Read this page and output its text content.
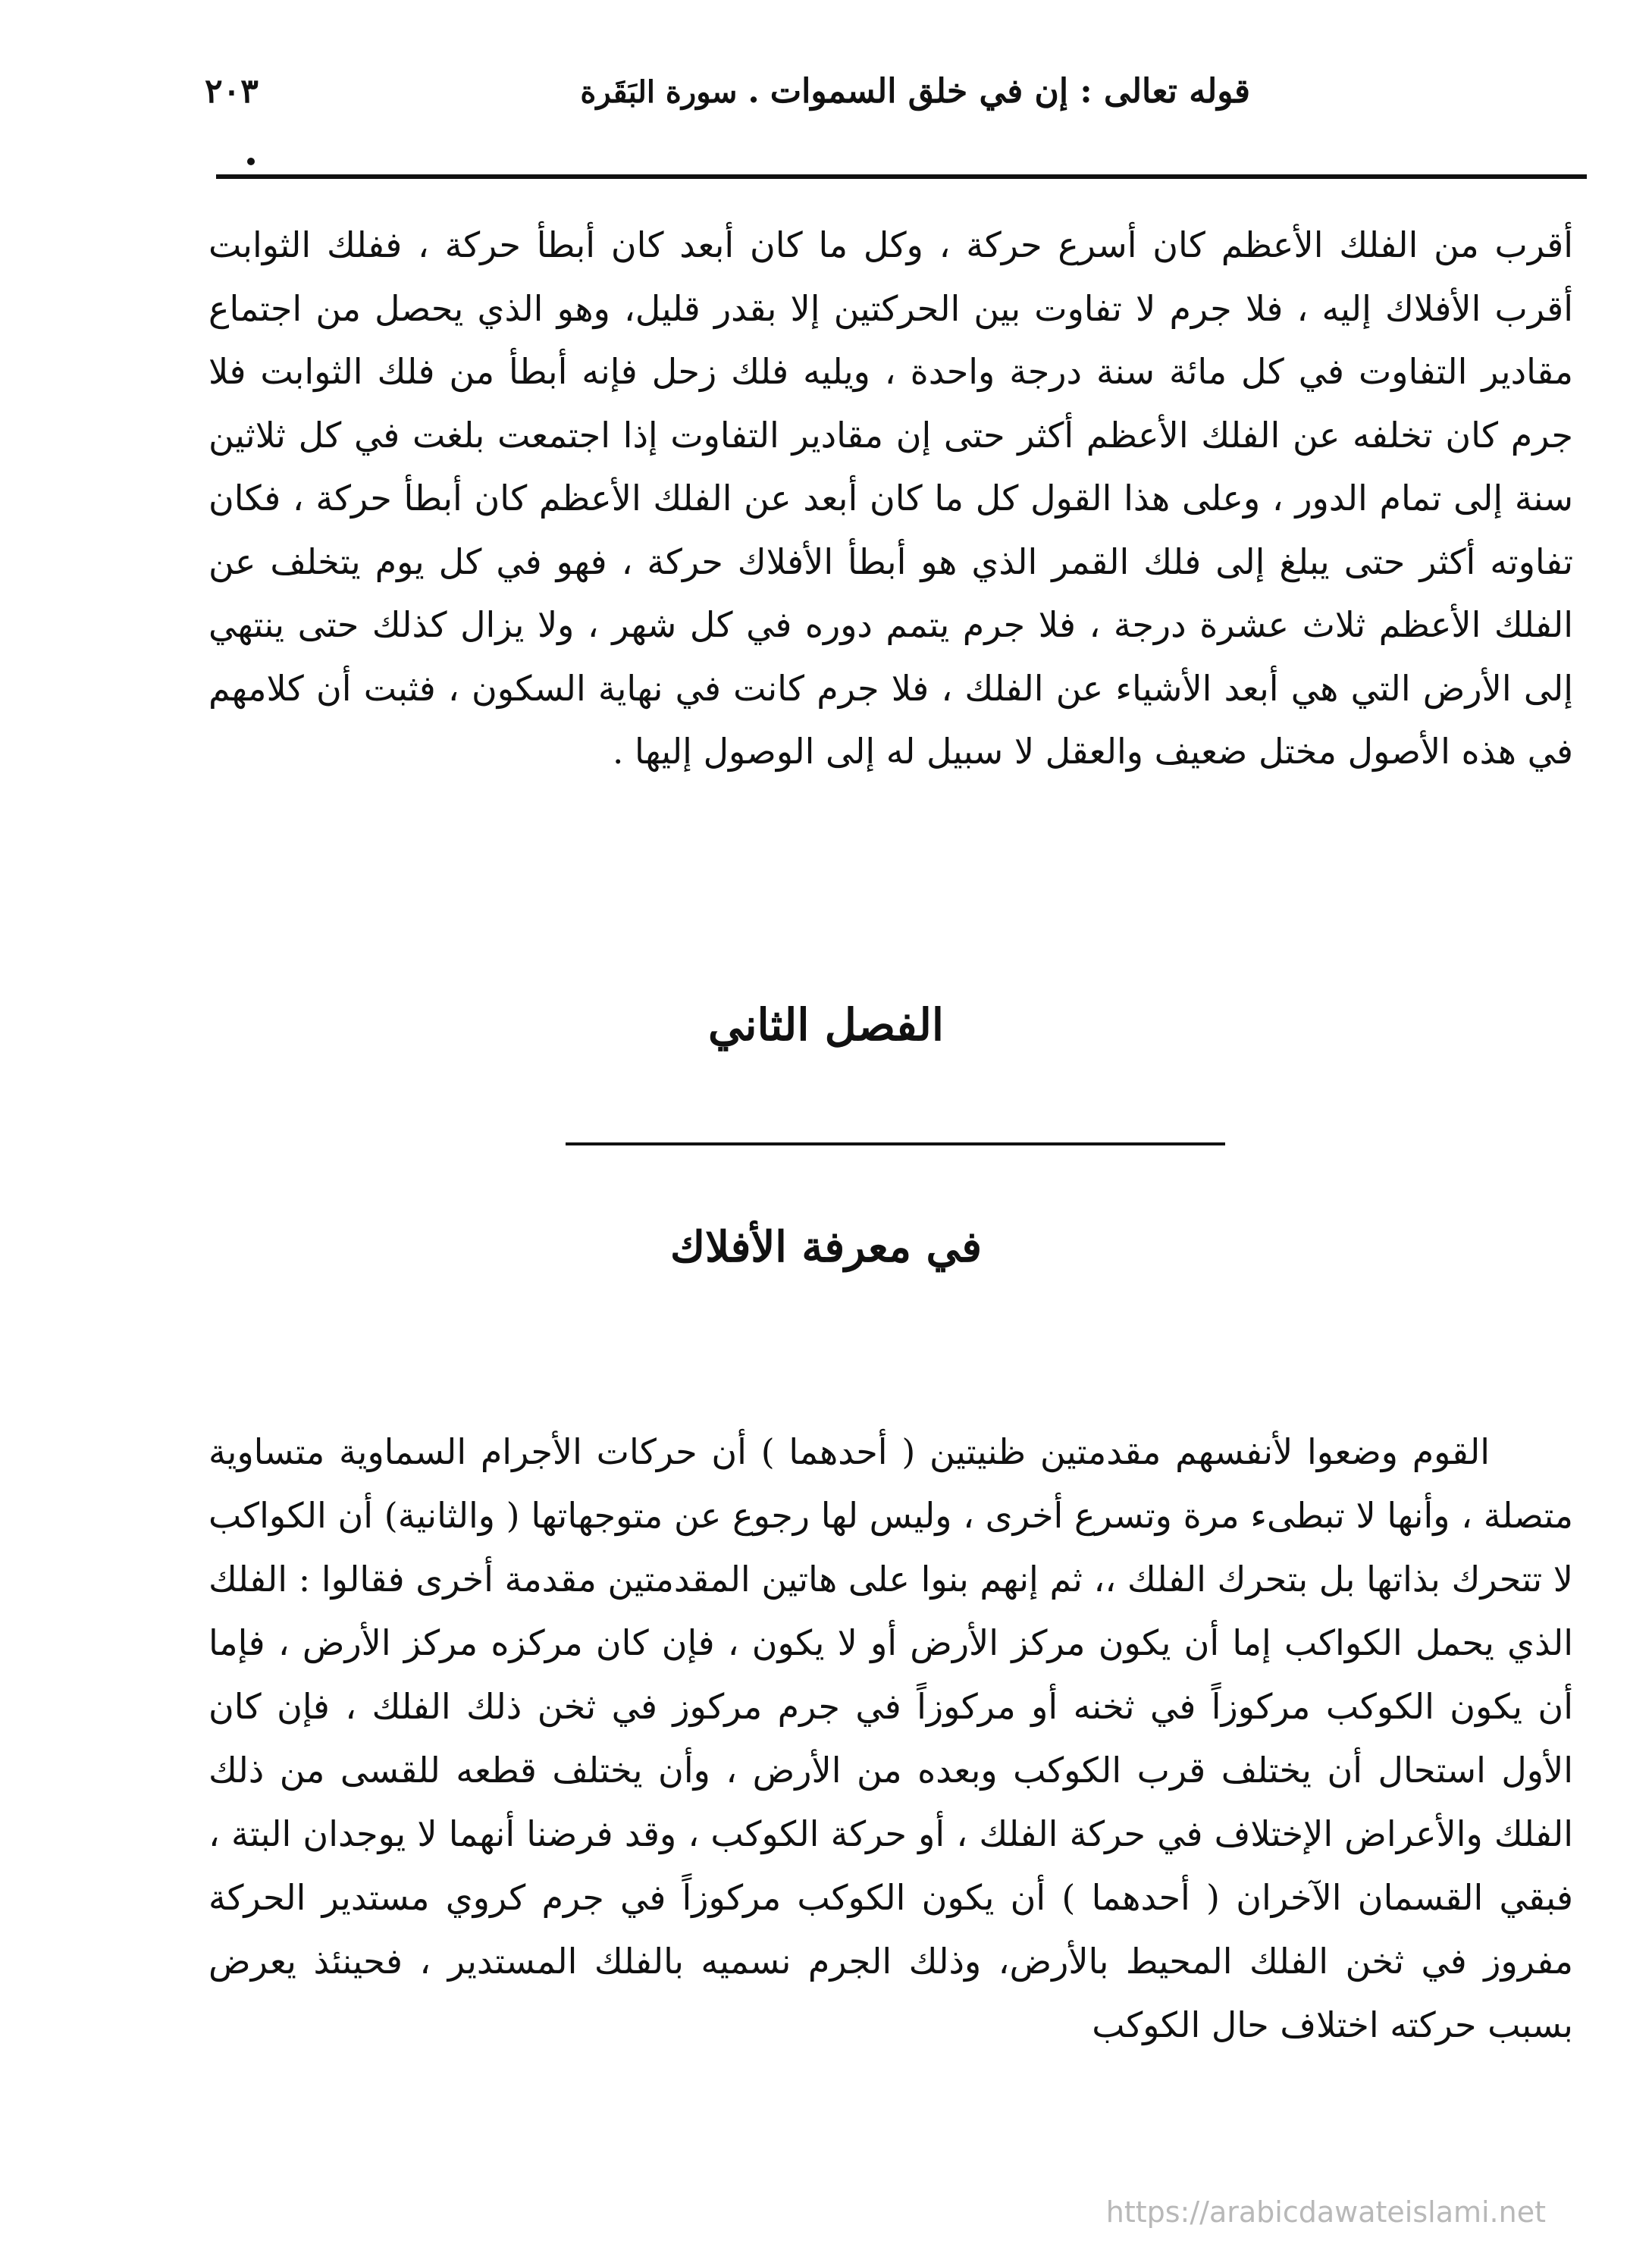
قوله تعالى : إن في خلق السموات.سورة البَقَرة
٢٠٣

أقرب من الفلك الأعظم كان أسرع حركة ، وكل ما كان أبعد كان أبطأ حركة ، ففلك الثوابت أقرب الأفلاك إليه ، فلا جرم لا تفاوت بين الحركتين إلا بقدر قليل، وهو الذي يحصل من اجتماع مقادير التفاوت في كل مائة سنة درجة واحدة ، ويليه فلك زحل فإنه أبطأ من فلك الثوابت فلا جرم كان تخلفه عن الفلك الأعظم أكثر حتى إن مقادير التفاوت إذا اجتمعت بلغت في كل ثلاثين سنة إلى تمام الدور ، وعلى هذا القول كل ما كان أبعد عن الفلك الأعظم كان أبطأ حركة ، فكان تفاوته أكثر حتى يبلغ إلى فلك القمر الذي هو أبطأ الأفلاك حركة ، فهو في كل يوم يتخلف عن الفلك الأعظم ثلاث عشرة درجة ، فلا جرم يتمم دوره في كل شهر ، ولا يزال كذلك حتى ينتهي إلى الأرض التي هي أبعد الأشياء عن الفلك ، فلا جرم كانت في نهاية السكون ، فثبت أن كلامهم في هذه الأصول مختل ضعيف والعقل لا سبيل له إلى الوصول إليها .

الفصل الثاني
في معرفة الأفلاك

القوم وضعوا لأنفسهم مقدمتين ظنيتين ( أحدهما ) أن حركات الأجرام السماوية متساوية متصلة ، وأنها لا تبطىء مرة وتسرع أخرى ، وليس لها رجوع عن متوجهاتها ( والثانية) أن الكواكب لا تتحرك بذاتها بل بتحرك الفلك ،، ثم إنهم بنوا على هاتين المقدمتين مقدمة أخرى فقالوا : الفلك الذي يحمل الكواكب إما أن يكون مركز الأرض أو لا يكون ، فإن كان مركزه مركز الأرض ، فإما أن يكون الكوكب مركوزاً في ثخنه أو مركوزاً في جرم مركوز في ثخن ذلك الفلك ، فإن كان الأول استحال أن يختلف قرب الكوكب وبعده من الأرض ، وأن يختلف قطعه للقسى من ذلك الفلك والأعراض الإختلاف في حركة الفلك ، أو حركة الكوكب ، وقد فرضنا أنهما لا يوجدان البتة ، فبقي القسمان الآخران ( أحدهما ) أن يكون الكوكب مركوزاً في جرم كروي مستدير الحركة مفروز في ثخن الفلك المحيط بالأرض، وذلك الجرم نسميه بالفلك المستدير ، فحينئذ يعرض بسبب حركته اختلاف حال الكوكب

https://arabicdawateislami.net
